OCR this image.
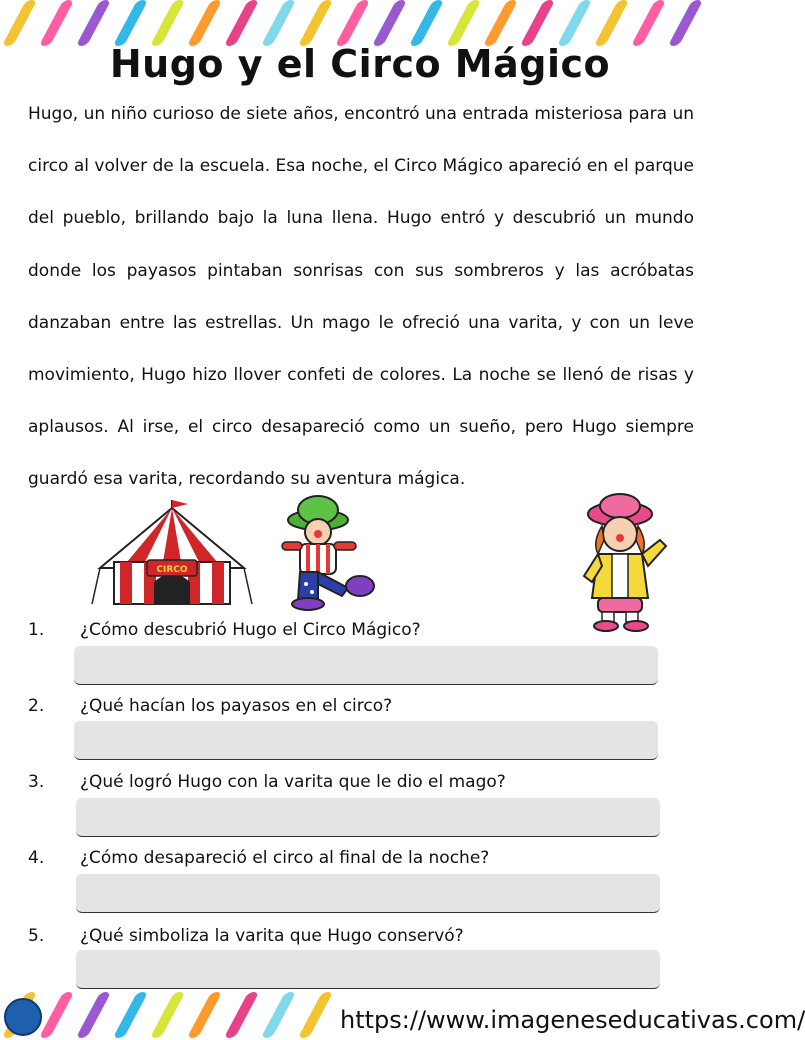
Hugo y el Circo Mágico

Hugo, un niño curioso de siete años, encontró una entrada misteriosa para un circo al volver de la escuela. Esa noche, el Circo Mágico apareció en el parque del pueblo, brillando bajo la luna llena. Hugo entró y descubrió un mundo donde los payasos pintaban sonrisas con sus sombreros y las acróbatas danzaban entre las estrellas. Un mago le ofreció una varita, y con un leve movimiento, Hugo hizo llover confeti de colores. La noche se llenó de risas y aplausos. Al irse, el circo desapareció como un sueño, pero Hugo siempre guardó esa varita, recordando su aventura mágica.

CIRCO
1. ¿Cómo descubrió Hugo el Circo Mágico?
2. ¿Qué hacían los payasos en el circo?
3. ¿Qué logró Hugo con la varita que le dio el mago?
4. ¿Cómo desapareció el circo al final de la noche?
5. ¿Qué simboliza la varita que Hugo conservó?
https://www.imageneseducativas.com/
